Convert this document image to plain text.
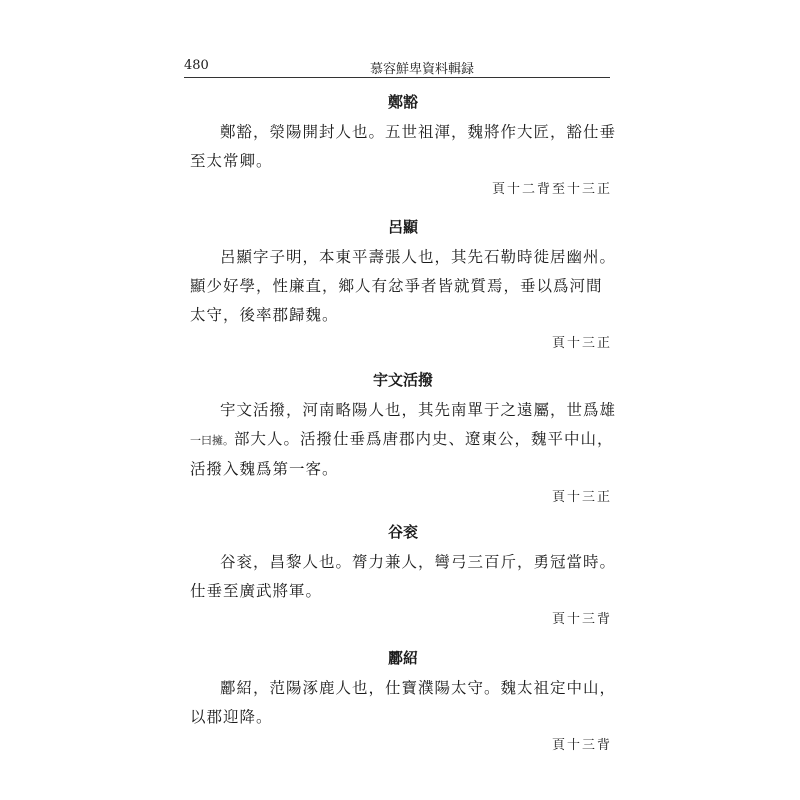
480	慕容鮮卑資料輯録

鄭豁

鄭豁，滎陽開封人也。五世祖渾，魏將作大匠，豁仕垂至太常卿。

頁十二背至十三正

呂顯

呂顯字子明，本東平壽張人也，其先石勒時徙居幽州。顯少好學，性廉直，鄉人有忿爭者皆就質焉，垂以爲河間太守，後率郡歸魏。

頁十三正

宇文活撥

宇文活撥，河南略陽人也，其先南單于之遠屬，世爲雄一曰擁。部大人。活撥仕垂爲唐郡内史、遼東公，魏平中山，活撥入魏爲第一客。

頁十三正

谷衮

谷衮，昌黎人也。膂力兼人，彎弓三百斤，勇冠當時。仕垂至廣武將軍。

頁十三背

酈紹

酈紹，范陽涿鹿人也，仕寶濮陽太守。魏太祖定中山，以郡迎降。

頁十三背
